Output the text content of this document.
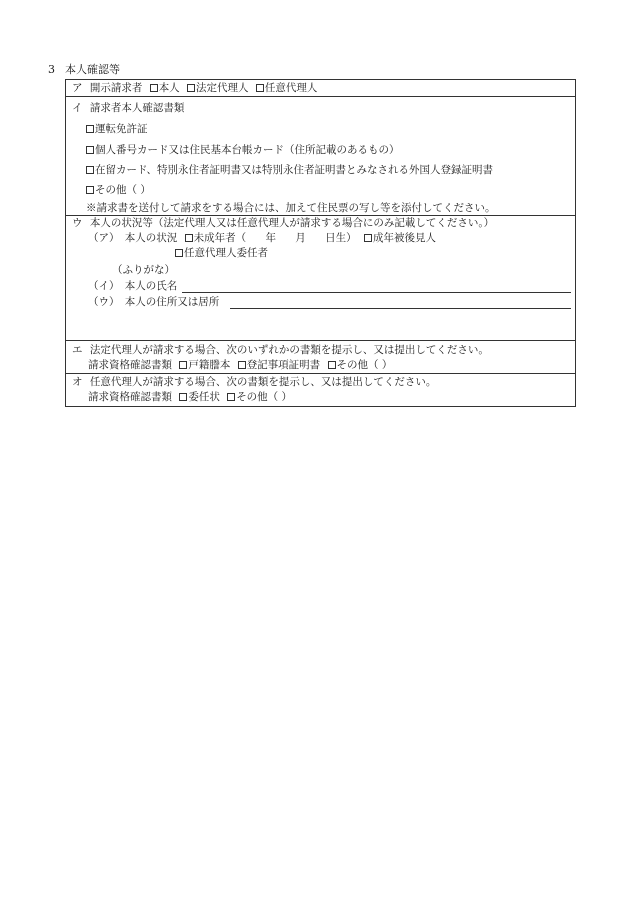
3 本人確認等
ア 開示請求者 本人 法定代理人 任意代理人
イ 請求者本人確認書類
運転免許証
個人番号カード又は住民基本台帳カード（住所記載のあるもの）
在留カード、特別永住者証明書又は特別永住者証明書とみなされる外国人登録証明書
その他（ ）
※請求書を送付して請求をする場合には、加えて住民票の写し等を添付してください。
ウ 本人の状況等（法定代理人又は任意代理人が請求する場合にのみ記載してください。）
（ア）　本人の状況 未成年者（ 年 月 日生） 成年被後見人
任意代理人委任者
（ふりがな）
（イ）　本人の氏名
（ウ）　本人の住所又は居所
エ 法定代理人が請求する場合、次のいずれかの書類を提示し、又は提出してください。
請求資格確認書類 戸籍謄本 登記事項証明書 その他（ ）
オ 任意代理人が請求する場合、次の書類を提示し、又は提出してください。
請求資格確認書類 委任状 その他（ ）
